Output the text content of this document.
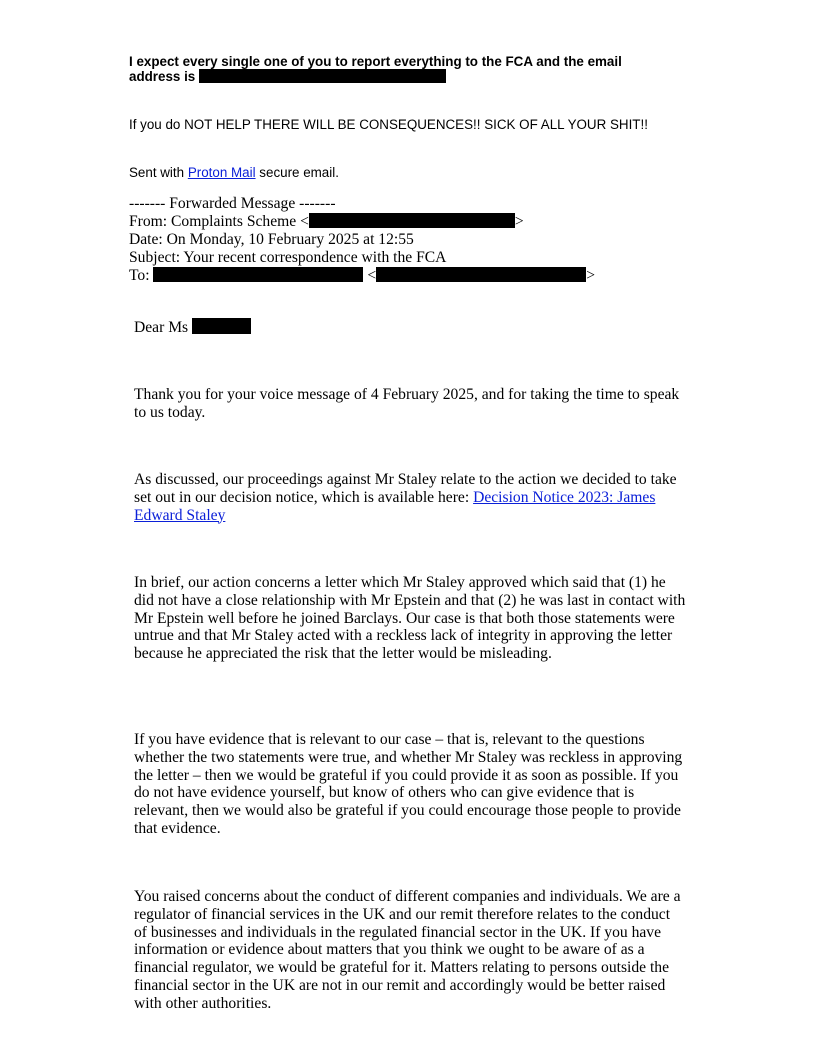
I expect every single one of you to report everything to the FCA and the email
address is
If you do NOT HELP THERE WILL BE CONSEQUENCES!! SICK OF ALL YOUR SHIT!!
Sent with Proton Mail secure email.
------- Forwarded Message -------
From: Complaints Scheme <	>
Date: On Monday, 10 February 2025 at 12:55
Subject: Your recent correspondence with the FCA
To:	<	>
Dear Ms
Thank you for your voice message of 4 February 2025, and for taking the time to speak to us today.
As discussed, our proceedings against Mr Staley relate to the action we decided to take set out in our decision notice, which is available here: Decision Notice 2023: James Edward Staley
In brief, our action concerns a letter which Mr Staley approved which said that (1) he did not have a close relationship with Mr Epstein and that (2) he was last in contact with Mr Epstein well before he joined Barclays. Our case is that both those statements were untrue and that Mr Staley acted with a reckless lack of integrity in approving the letter because he appreciated the risk that the letter would be misleading.
If you have evidence that is relevant to our case – that is, relevant to the questions whether the two statements were true, and whether Mr Staley was reckless in approving the letter – then we would be grateful if you could provide it as soon as possible. If you do not have evidence yourself, but know of others who can give evidence that is relevant, then we would also be grateful if you could encourage those people to provide that evidence.
You raised concerns about the conduct of different companies and individuals. We are a regulator of financial services in the UK and our remit therefore relates to the conduct of businesses and individuals in the regulated financial sector in the UK. If you have information or evidence about matters that you think we ought to be aware of as a financial regulator, we would be grateful for it. Matters relating to persons outside the financial sector in the UK are not in our remit and accordingly would be better raised with other authorities.
